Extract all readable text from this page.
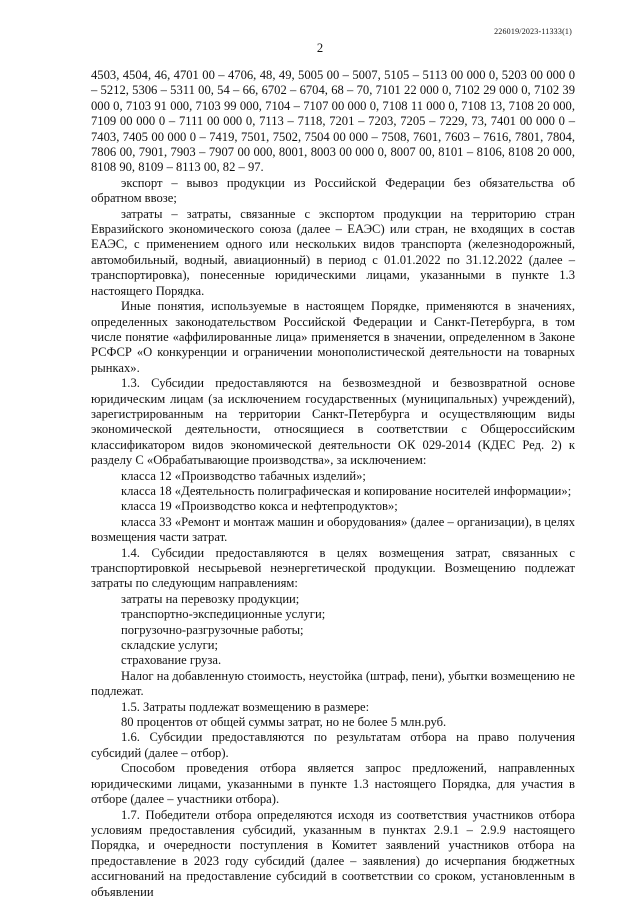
226019/2023-11333(1)
2

4503, 4504, 46, 4701 00 – 4706, 48, 49, 5005 00 – 5007, 5105 – 5113 00 000 0, 5203 00 000 0 – 5212, 5306 – 5311 00, 54 – 66, 6702 – 6704, 68 – 70, 7101 22 000 0, 7102 29 000 0, 7102 39 000 0, 7103 91 000, 7103 99 000, 7104 – 7107 00 000 0, 7108 11 000 0, 7108 13, 7108 20 000, 7109 00 000 0 – 7111 00 000 0, 7113 – 7118, 7201 – 7203, 7205 – 7229, 73, 7401 00 000 0 – 7403, 7405 00 000 0 – 7419, 7501, 7502, 7504 00 000 – 7508, 7601, 7603 – 7616, 7801, 7804, 7806 00, 7901, 7903 – 7907 00 000, 8001, 8003 00 000 0, 8007 00, 8101 – 8106, 8108 20 000, 8108 90, 8109 – 8113 00, 82 – 97.

экспорт – вывоз продукции из Российской Федерации без обязательства об обратном ввозе;

затраты – затраты, связанные с экспортом продукции на территорию стран Евразийского экономического союза (далее – ЕАЭС) или стран, не входящих в состав ЕАЭС, с применением одного или нескольких видов транспорта (железнодорожный, автомобильный, водный, авиационный) в период с 01.01.2022 по 31.12.2022 (далее – транспортировка), понесенные юридическими лицами, указанными в пункте 1.3 настоящего Порядка.

Иные понятия, используемые в настоящем Порядке, применяются в значениях, определенных законодательством Российской Федерации и Санкт-Петербурга, в том числе понятие «аффилированные лица» применяется в значении, определенном в Законе РСФСР «О конкуренции и ограничении монополистической деятельности на товарных рынках».

1.3. Субсидии предоставляются на безвозмездной и безвозвратной основе юридическим лицам (за исключением государственных (муниципальных) учреждений), зарегистрированным на территории Санкт-Петербурга и осуществляющим виды экономической деятельности, относящиеся в соответствии с Общероссийским классификатором видов экономической деятельности ОК 029-2014 (КДЕС Ред. 2) к разделу С «Обрабатывающие производства», за исключением:

класса 12 «Производство табачных изделий»;

класса 18 «Деятельность полиграфическая и копирование носителей информации»;

класса 19 «Производство кокса и нефтепродуктов»;

класса 33 «Ремонт и монтаж машин и оборудования» (далее – организации), в целях возмещения части затрат.

1.4. Субсидии предоставляются в целях возмещения затрат, связанных с транспортировкой несырьевой неэнергетической продукции. Возмещению подлежат затраты по следующим направлениям:

затраты на перевозку продукции;

транспортно-экспедиционные услуги;

погрузочно-разгрузочные работы;

складские услуги;

страхование груза.

Налог на добавленную стоимость, неустойка (штраф, пени), убытки возмещению не подлежат.

1.5. Затраты подлежат возмещению в размере:

80 процентов от общей суммы затрат, но не более 5 млн.руб.

1.6. Субсидии предоставляются по результатам отбора на право получения субсидий (далее – отбор).

Способом проведения отбора является запрос предложений, направленных юридическими лицами, указанными в пункте 1.3 настоящего Порядка, для участия в отборе (далее – участники отбора).

1.7. Победители отбора определяются исходя из соответствия участников отбора условиям предоставления субсидий, указанным в пунктах 2.9.1 – 2.9.9 настоящего Порядка, и очередности поступления в Комитет заявлений участников отбора на предоставление в 2023 году субсидий (далее – заявления) до исчерпания бюджетных ассигнований на предоставление субсидий в соответствии со сроком, установленным в объявлении
